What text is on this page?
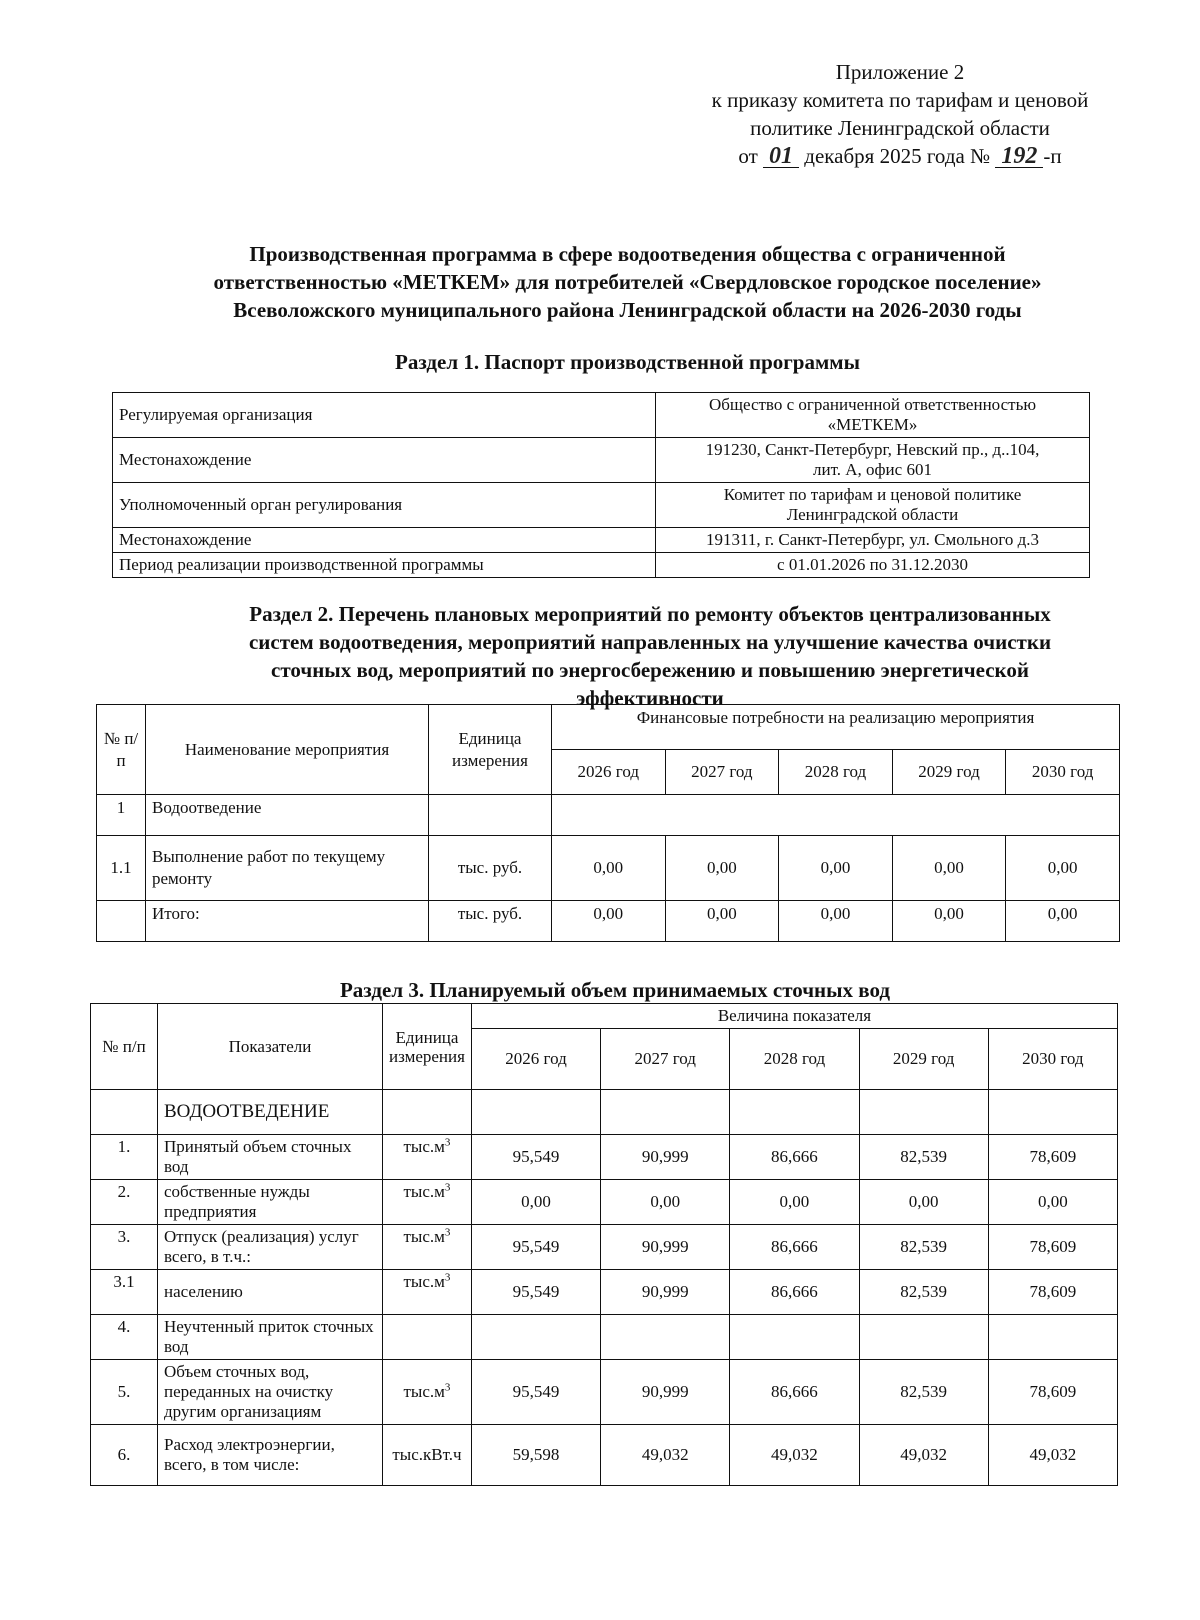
Приложение 2
к приказу комитета по тарифам и ценовой
политике Ленинградской области
от 01 декабря 2025 года № 192 -п
Производственная программа в сфере водоотведения общества с ограниченной
ответственностью «МЕТКЕМ» для потребителей «Свердловское городское поселение»
Всеволожского муниципального района Ленинградской области на 2026-2030 годы
Раздел 1. Паспорт производственной программы
Регулируемая организация	Общество с ограниченной ответственностью
«МЕТКЕМ»

Местонахождение	191230, Санкт-Петербург, Невский пр., д..104,
лит. А, офис 601

Уполномоченный орган регулирования	Комитет по тарифам и ценовой политике
Ленинградской области

Местонахождение	191311, г. Санкт-Петербург, ул. Смольного д.3
Период реализации производственной программы	с 01.01.2026 по 31.12.2030
Раздел 2. Перечень плановых мероприятий по ремонту объектов централизованных
систем водоотведения, мероприятий направленных на улучшение качества очистки
сточных вод, мероприятий по энергосбережению и повышению энергетической
эффективности
№ п/п	Наименование мероприятия	Единица измерения	Финансовые потребности на реализацию мероприятия				
			2026 год	2027 год	2028 год	2029 год	2030 год
1	Водоотведение						
1.1	Выполнение работ по текущему ремонту	тыс. руб.	0,00	0,00	0,00	0,00	0,00
	Итого:	тыс. руб.	0,00	0,00	0,00	0,00	0,00
Раздел 3. Планируемый объем принимаемых сточных вод
№ п/п	Показатели	Единица измерения	Величина показателя				
			2026 год	2027 год	2028 год	2029 год	2030 год
	ВОДООТВЕДЕНИЕ						
1.	Принятый объем сточных вод	$тыс.м^3$	95,549	90,999	86,666	82,539	78,609
2.	собственные нужды предприятия	$тыс.м^3$	0,00	0,00	0,00	0,00	0,00
3.	Отпуск (реализация) услуг всего, в т.ч.:	$тыс.м^3$	95,549	90,999	86,666	82,539	78,609
3.1	населению	$тыс.м^3$	95,549	90,999	86,666	82,539	78,609
4.	Неучтенный приток сточных вод						
5.	Объем сточных вод, переданных на очистку другим организациям	$тыс.м^3$	95,549	90,999	86,666	82,539	78,609
6.	Расход электроэнергии, всего, в том числе:	тыс.кВт.ч	59,598	49,032	49,032	49,032	49,032
